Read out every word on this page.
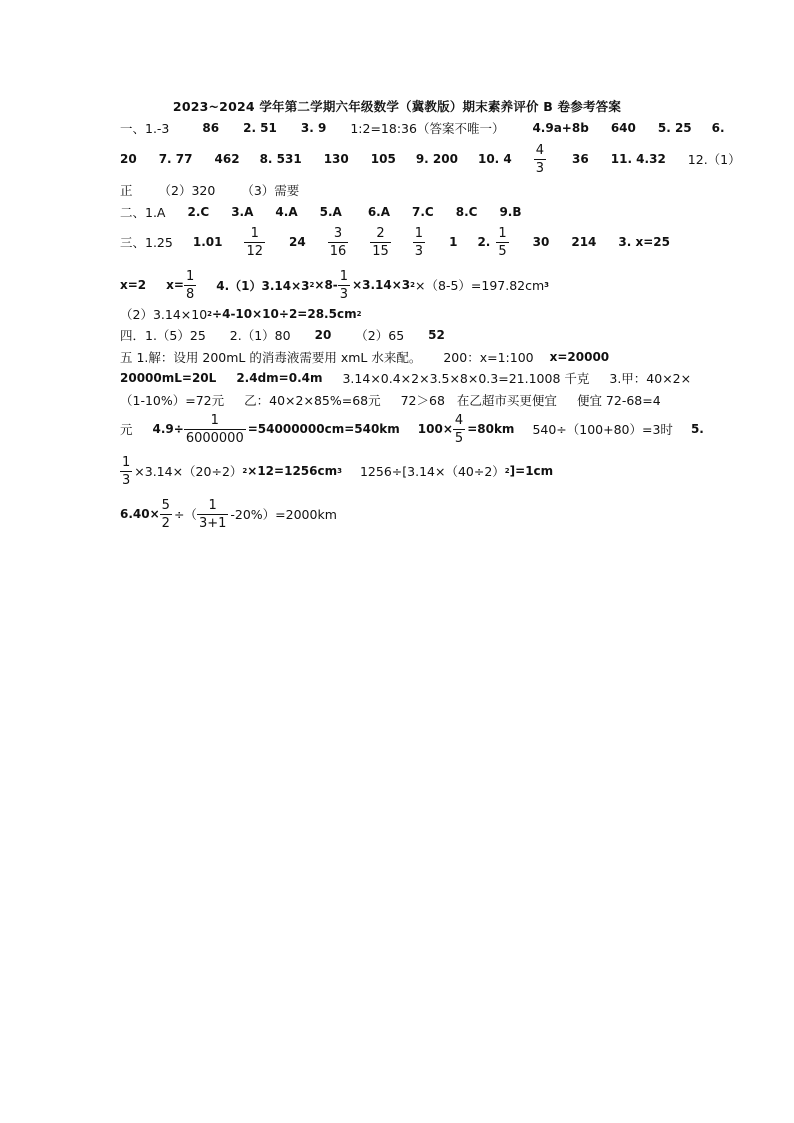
2023~2024 学年第二学期六年级数学（冀教版）期末素养评价 B 卷参考答案
一、1.-3	86 2. 51 3. 9 1:2=18:36（答案不唯一） 4.9a+8b 640 5. 25 6.
20 7. 77 462 8. 531 130 105 9. 200 10. $4 \frac{4}{3} 36$ 11. 4.32 12.（1）
正 （2）320 （3）需要
二、1.A 2.C 3.A 4.A 5.A 6.A 7.C 8.C 9.B
三、1.25 $1.01 \frac{1}{12} 24 \frac{3}{16} \frac{2}{15} \frac{1}{3} 1$ 2. $\frac{1}{5} 30$ 214 3. x=25
x=2 $x= \frac{1}{8} 4.(1)3.14\times 3$ $2 \times 8- \frac{1}{3} \times 3.14\times 3$ 2 ×（8-5）=197.82cm 3
（2）3.14×10 2 ÷4-10×10÷2=28.5cm 2
四．1.（5）25 2.（1）80 20 （2）65 52
五 1.解：设用 200mL 的消毒液需要用 xmL 水来配。 200：x=1:100 x=20000
20000mL=20L 2.4dm=0.4m 3.14×0.4×2×3.5×8×0.3=21.1008 千克 3.甲：40×2×
（1-10%）=72元 乙：40×2×85%=68元 72＞68 在乙超市买更便宜 便宜 72-68=4
元 $4.9\div \frac{1}{6000000} =54000000cm=540km$ $100\times \frac{4}{5} =80km$ 540÷（100+80）=3时 5.
$\frac{1}{3} \times 3.14\times(20\div 2)$ 2 ×12=1256cm 3 1256÷[3.14×（40÷2） 2 ]=1cm
$6.40\times \frac{5}{2}$ ÷（ $\frac{1}{3+1} -20\%)=2000km$
